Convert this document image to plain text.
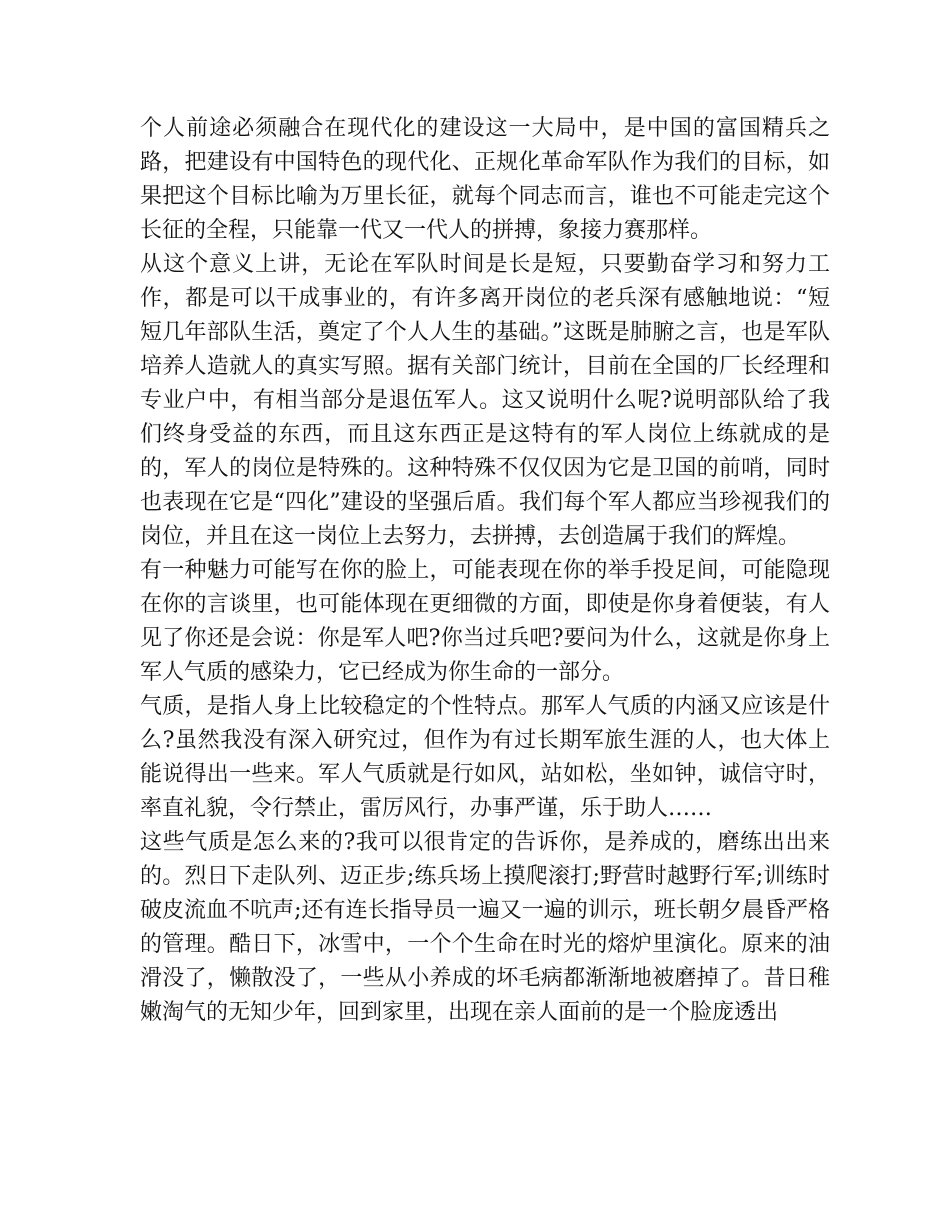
个人前途必须融合在现代化的建设这一大局中，是中国的富国精兵之路，把建设有中国特色的现代化、正规化革命军队作为我们的目标，如果把这个目标比喻为万里长征，就每个同志而言，谁也不可能走完这个长征的全程，只能靠一代又一代人的拼搏，象接力赛那样。

从这个意义上讲，无论在军队时间是长是短，只要勤奋学习和努力工作，都是可以干成事业的，有许多离开岗位的老兵深有感触地说：“短短几年部队生活，奠定了个人人生的基础。”这既是肺腑之言，也是军队培养人造就人的真实写照。据有关部门统计，目前在全国的厂长经理和专业户中，有相当部分是退伍军人。这又说明什么呢?说明部队给了我们终身受益的东西，而且这东西正是这特有的军人岗位上练就成的是的，军人的岗位是特殊的。这种特殊不仅仅因为它是卫国的前哨，同时也表现在它是“四化”建设的坚强后盾。我们每个军人都应当珍视我们的岗位，并且在这一岗位上去努力，去拼搏，去创造属于我们的辉煌。

有一种魅力可能写在你的脸上，可能表现在你的举手投足间，可能隐现在你的言谈里，也可能体现在更细微的方面，即使是你身着便装，有人见了你还是会说：你是军人吧?你当过兵吧?要问为什么，这就是你身上军人气质的感染力，它已经成为你生命的一部分。

气质，是指人身上比较稳定的个性特点。那军人气质的内涵又应该是什么?虽然我没有深入研究过，但作为有过长期军旅生涯的人，也大体上能说得出一些来。军人气质就是行如风，站如松，坐如钟，诚信守时，率直礼貌，令行禁止，雷厉风行，办事严谨，乐于助人……

这些气质是怎么来的?我可以很肯定的告诉你，是养成的，磨练出出来的。烈日下走队列、迈正步;练兵场上摸爬滚打;野营时越野行军;训练时破皮流血不吭声;还有连长指导员一遍又一遍的训示，班长朝夕晨昏严格的管理。酷日下，冰雪中，一个个生命在时光的熔炉里演化。原来的油滑没了，懒散没了，一些从小养成的坏毛病都渐渐地被磨掉了。昔日稚嫩淘气的无知少年，回到家里，出现在亲人面前的是一个脸庞透出
